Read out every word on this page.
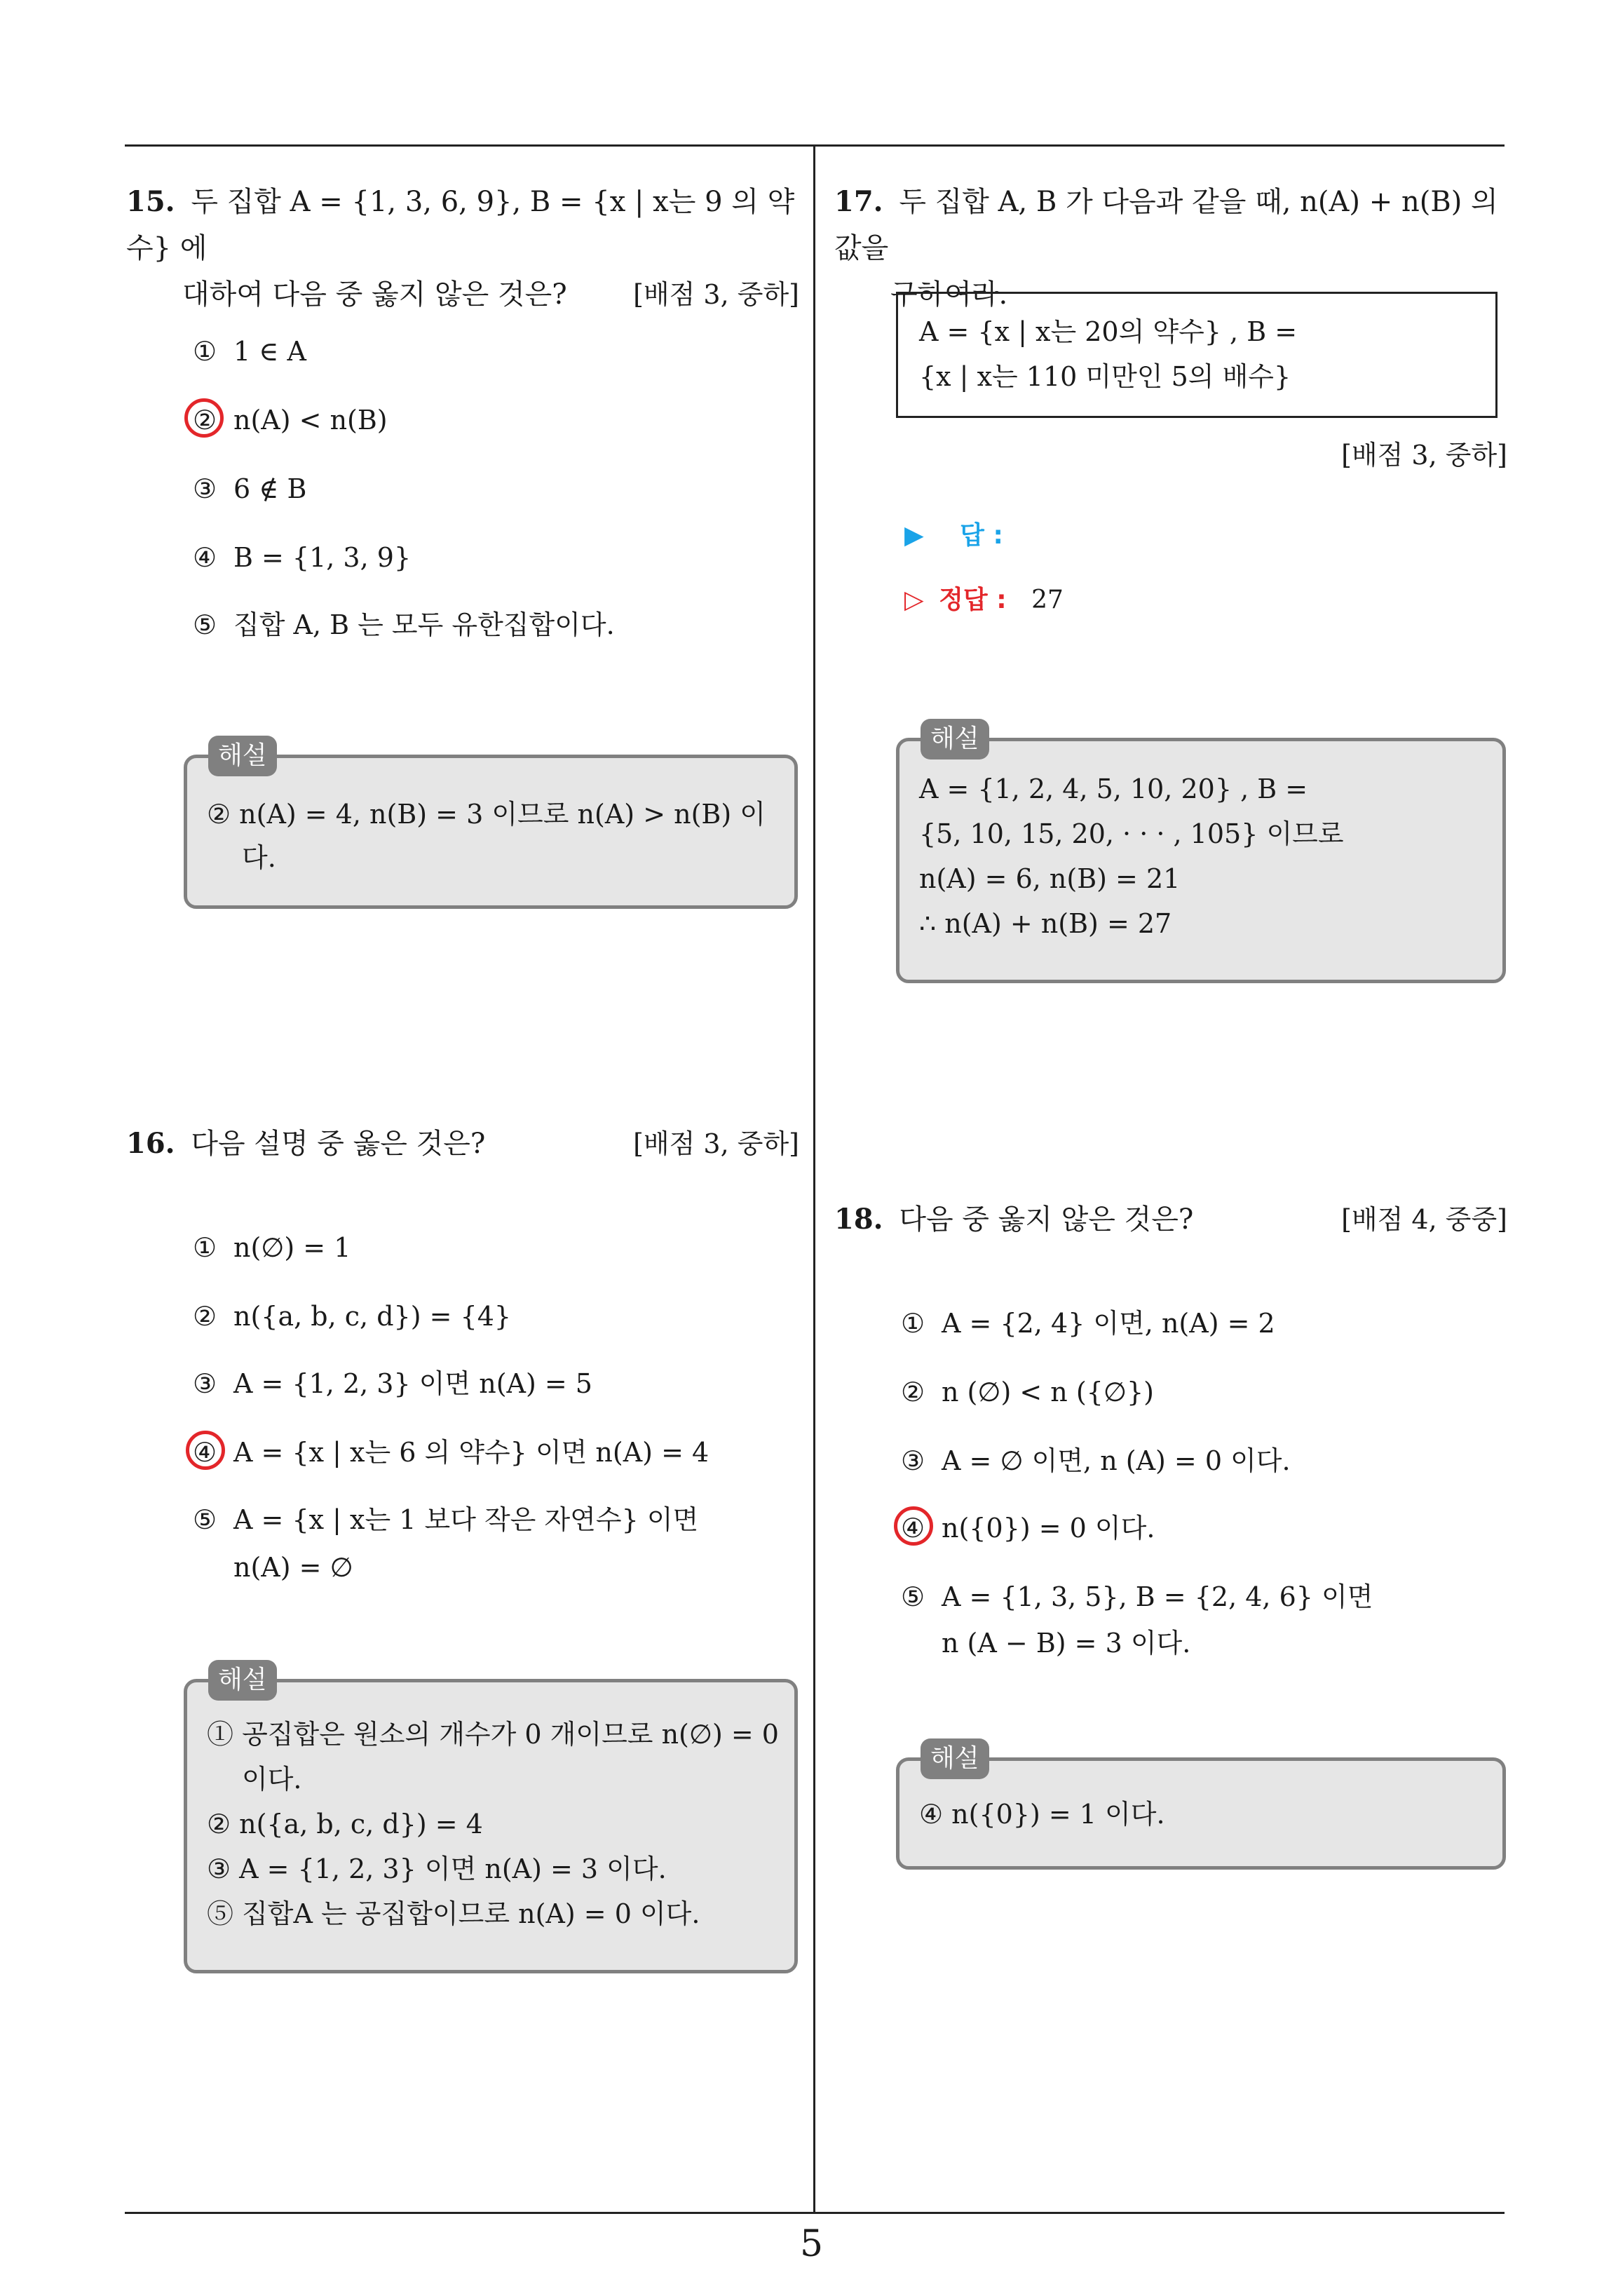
15. 두 집합 A = {1, 3, 6, 9}, B = {x | x는 9 의 약수} 에
대하여 다음 중 옳지 않은 것은? [배점 3, 중하]
① 1 ∈ A
② n(A) < n(B)
③ 6 ∉ B
④ B = {1, 3, 9}
⑤ 집합 A, B 는 모두 유한집합이다.
해설
② n(A) = 4, n(B) = 3 이므로 n(A) > n(B) 이
다.
16. 다음 설명 중 옳은 것은?	[배점 3, 중하]
① n(∅) = 1
② n({a, b, c, d}) = {4}
③ A = {1, 2, 3} 이면 n(A) = 5
④ A = {x | x는 6 의 약수} 이면 n(A) = 4
⑤ A = {x | x는 1 보다 작은 자연수} 이면
n(A) = ∅
해설
① 공집합은 원소의 개수가 0 개이므로 n(∅) = 0
이다.
② n({a, b, c, d}) = 4
③ A = {1, 2, 3} 이면 n(A) = 3 이다.
⑤ 집합A 는 공집합이므로 n(A) = 0 이다.
17. 두 집합 A, B 가 다음과 같을 때, n(A) + n(B) 의 값을
구하여라.
A = {x | x는 20의 약수} , B =
{x | x는 110 미만인 5의 배수}
[배점 3, 중하]
▶ 답 :
▷ 정답 : 27
해설
A = {1, 2, 4, 5, 10, 20} , B =
{5, 10, 15, 20, · · · , 105} 이므로
n(A) = 6, n(B) = 21
∴ n(A) + n(B) = 27
18. 다음 중 옳지 않은 것은?	[배점 4, 중중]
① A = {2, 4} 이면, n(A) = 2
② n (∅) < n ({∅})
③ A = ∅ 이면, n (A) = 0 이다.
④ n({0}) = 0 이다.
⑤ A = {1, 3, 5}, B = {2, 4, 6} 이면
n (A − B) = 3 이다.
해설
④ n({0}) = 1 이다.
5
